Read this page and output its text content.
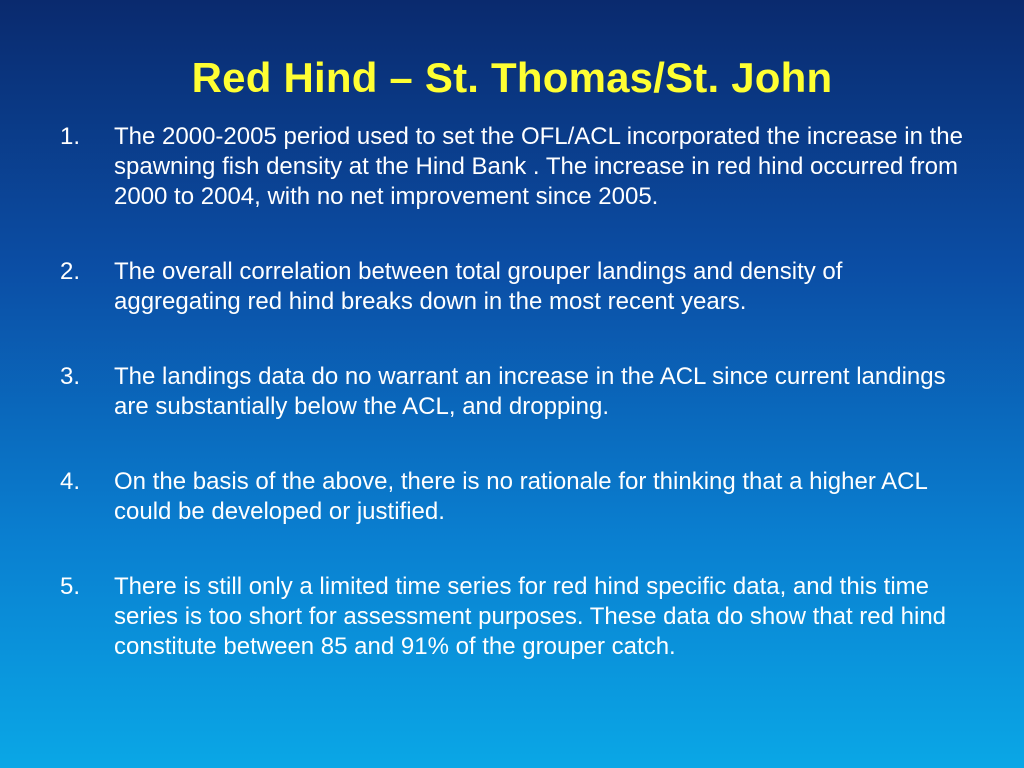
Red Hind – St. Thomas/St. John
1.	The 2000-2005 period used to set the OFL/ACL incorporated the increase in the spawning fish density at the Hind Bank . The increase in red hind occurred from 2000 to 2004, with no net improvement since 2005.
2.	The overall correlation between total grouper landings and density of aggregating red hind breaks down in the most recent years.
3.	The landings data do no warrant an increase in the ACL since current landings are substantially below the ACL, and dropping.
4.	On the basis of the above, there is no rationale for thinking that a higher ACL could be developed or justified.
5.	There is still only a limited time series for red hind specific data, and this time series is too short for assessment purposes. These data do show that red hind constitute between 85 and 91% of the grouper catch.
